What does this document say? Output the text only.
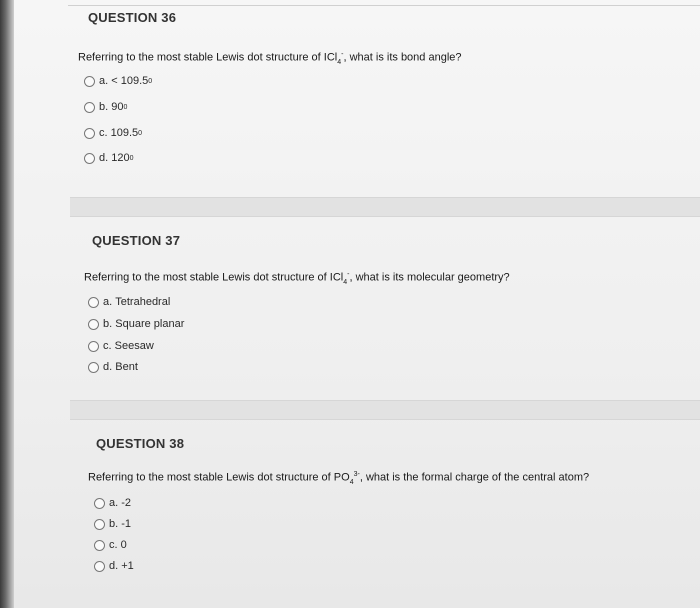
QUESTION 36
Referring to the most stable Lewis dot structure of ICl$_4$-, what is its bond angle?
a.
< 109.5 0
b.
90 0
c.
109.5 0
d.
120 0
QUESTION 37
Referring to the most stable Lewis dot structure of ICl$_4$-, what is its molecular geometry?
a.
Tetrahedral
b.
Square planar
c.
Seesaw
d.
Bent
QUESTION 38
Referring to the most stable Lewis dot structure of $PO_4^{3-}$, what is the formal charge of the central atom?
a.
-2
b.
-1
c.
0
d.
+1
